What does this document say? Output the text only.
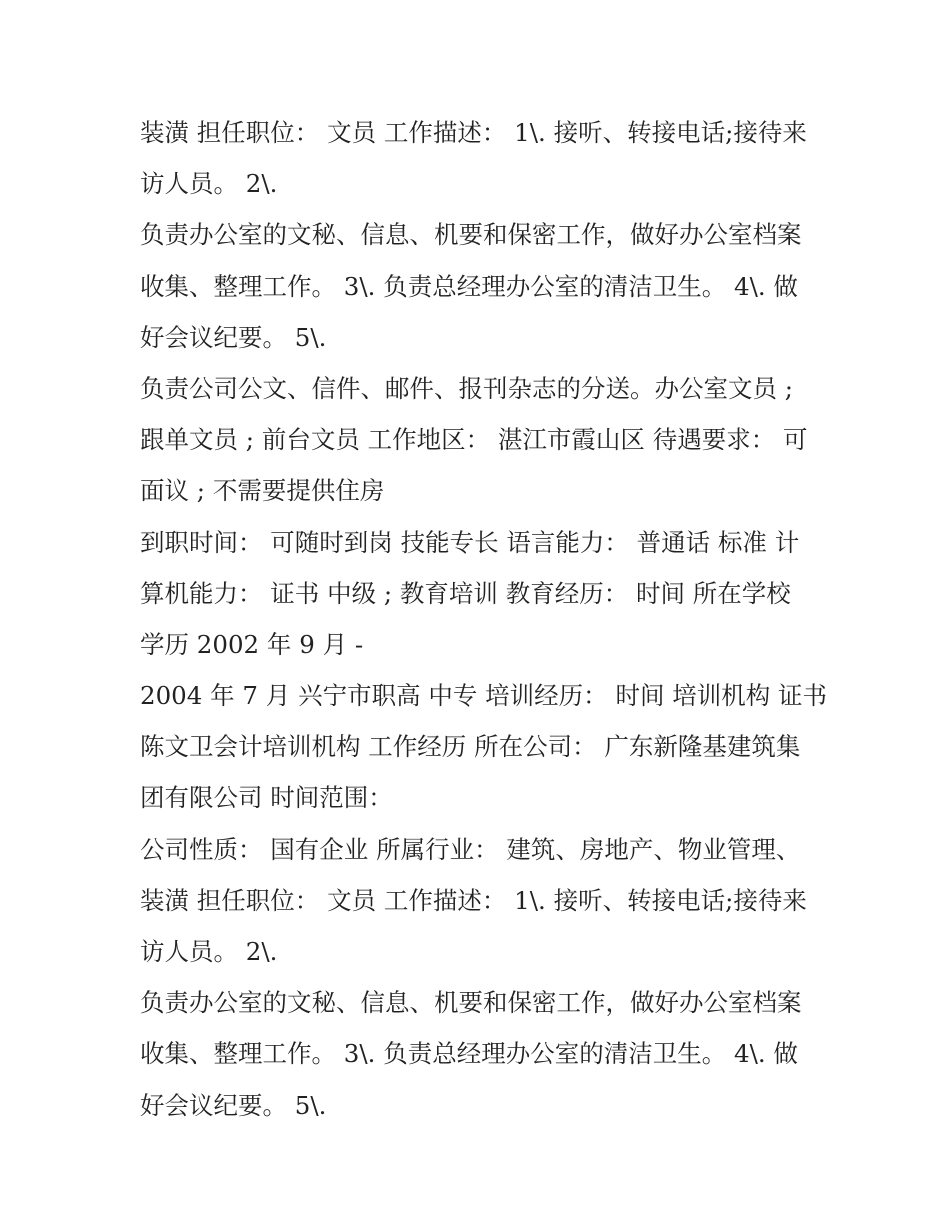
装潢 担任职位： 文员 工作描述： 1\. 接听、转接电话;接待来
访人员。 2\.
负责办公室的文秘、信息、机要和保密工作，做好办公室档案
收集、整理工作。 3\. 负责总经理办公室的清洁卫生。 4\. 做
好会议纪要。 5\.
负责公司公文、信件、邮件、报刊杂志的分送。办公室文员 ;
跟单文员 ; 前台文员 工作地区： 湛江市霞山区 待遇要求： 可
面议 ; 不需要提供住房
到职时间： 可随时到岗 技能专长 语言能力： 普通话 标准 计
算机能力： 证书 中级 ; 教育培训 教育经历： 时间 所在学校
学历 2002 年 9 月 -
2004 年 7 月 兴宁市职高 中专 培训经历： 时间 培训机构 证书
陈文卫会计培训机构 工作经历 所在公司： 广东新隆基建筑集
团有限公司 时间范围：
公司性质： 国有企业 所属行业： 建筑、房地产、物业管理、
装潢 担任职位： 文员 工作描述： 1\. 接听、转接电话;接待来
访人员。 2\.
负责办公室的文秘、信息、机要和保密工作，做好办公室档案
收集、整理工作。 3\. 负责总经理办公室的清洁卫生。 4\. 做
好会议纪要。 5\.
